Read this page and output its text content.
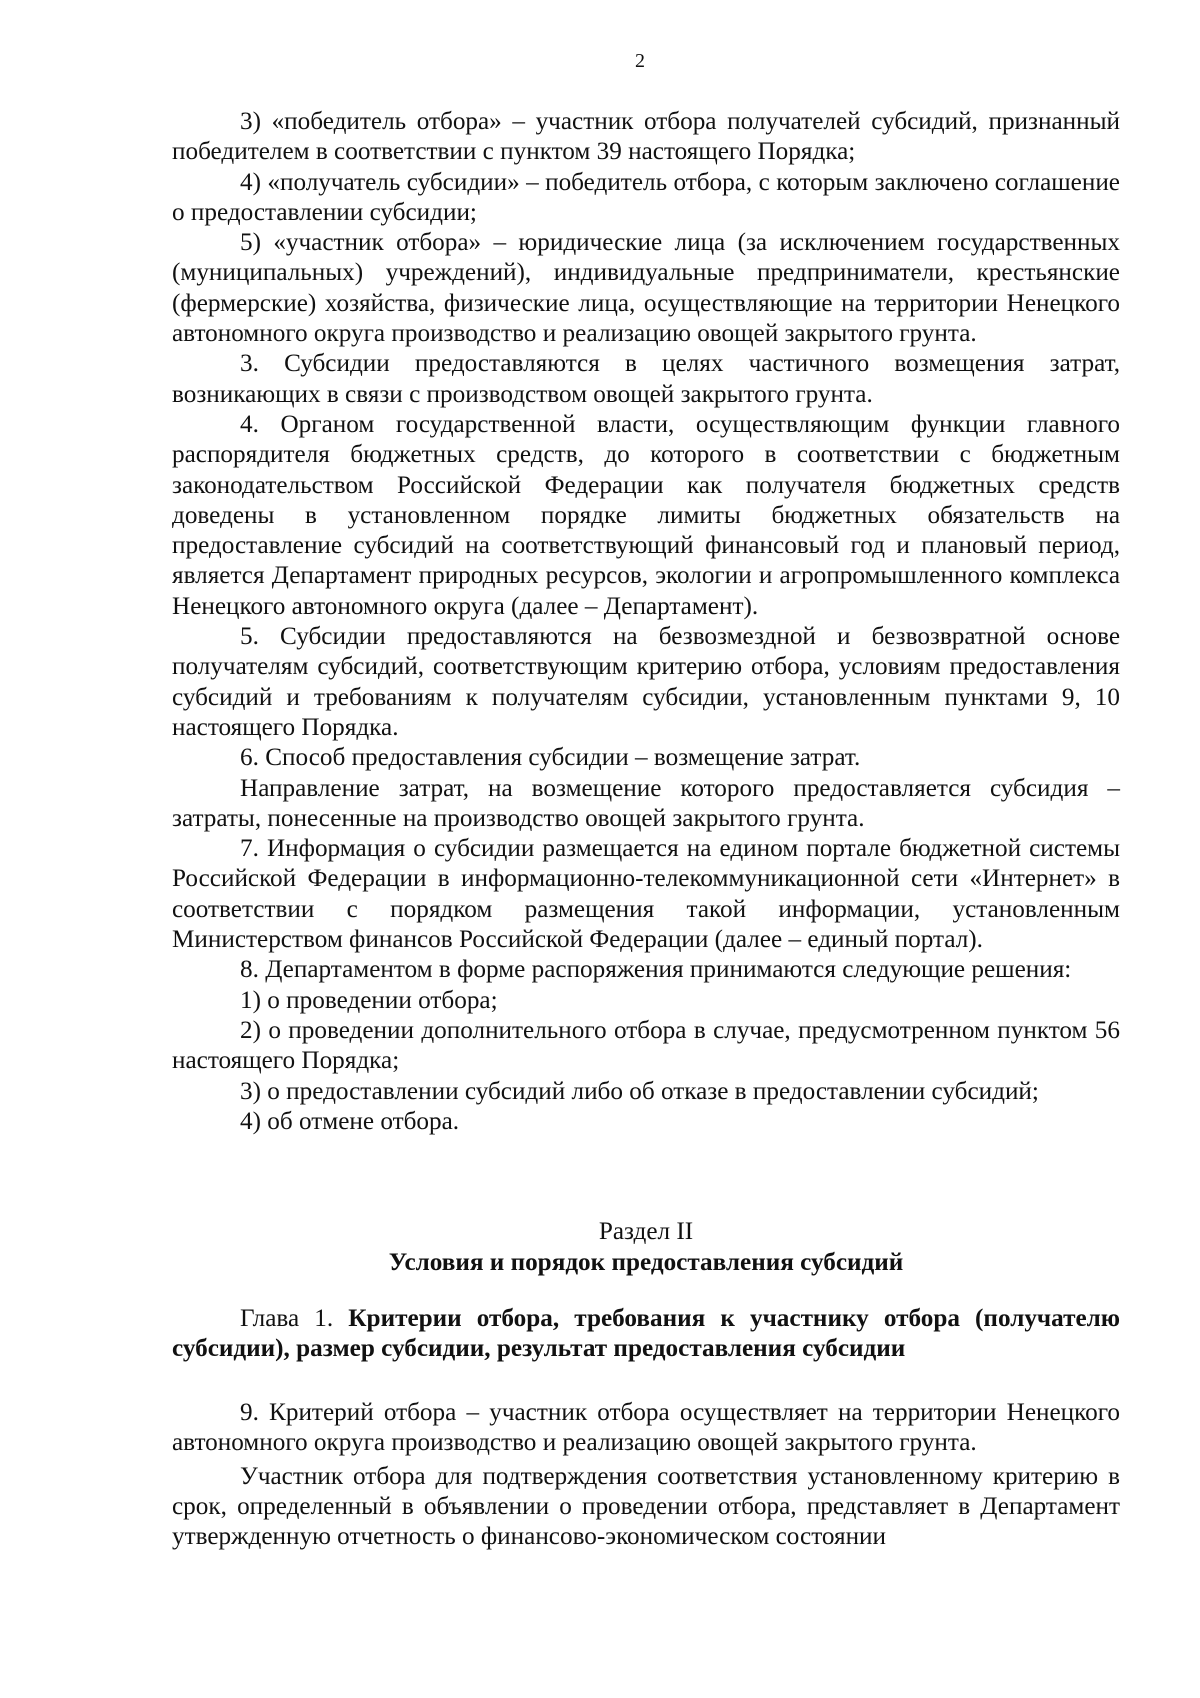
2

3) «победитель отбора» – участник отбора получателей субсидий, признанный победителем в соответствии с пунктом 39 настоящего Порядка;

4) «получатель субсидии» – победитель отбора, с которым заключено соглашение о предоставлении субсидии;

5) «участник отбора» – юридические лица (за исключением государственных (муниципальных) учреждений), индивидуальные предприниматели, крестьянские (фермерские) хозяйства, физические лица, осуществляющие на территории Ненецкого автономного округа производство и реализацию овощей закрытого грунта.

3. Субсидии предоставляются в целях частичного возмещения затрат, возникающих в связи с производством овощей закрытого грунта.

4. Органом государственной власти, осуществляющим функции главного распорядителя бюджетных средств, до которого в соответствии с бюджетным законодательством Российской Федерации как получателя бюджетных средств доведены в установленном порядке лимиты бюджетных обязательств на предоставление субсидий на соответствующий финансовый год и плановый период, является Департамент природных ресурсов, экологии и агропромышленного комплекса Ненецкого автономного округа (далее – Департамент).

5. Субсидии предоставляются на безвозмездной и безвозвратной основе получателям субсидий, соответствующим критерию отбора, условиям предоставления субсидий и требованиям к получателям субсидии, установленным пунктами 9, 10 настоящего Порядка.

6. Способ предоставления субсидии – возмещение затрат.

Направление затрат, на возмещение которого предоставляется субсидия – затраты, понесенные на производство овощей закрытого грунта.

7. Информация о субсидии размещается на едином портале бюджетной системы Российской Федерации в информационно-телекоммуникационной сети «Интернет» в соответствии с порядком размещения такой информации, установленным Министерством финансов Российской Федерации (далее – единый портал).

8. Департаментом в форме распоряжения принимаются следующие решения:

1) о проведении отбора;

2) о проведении дополнительного отбора в случае, предусмотренном пунктом 56 настоящего Порядка;

3) о предоставлении субсидий либо об отказе в предоставлении субсидий;

4) об отмене отбора.

Раздел II

Условия и порядок предоставления субсидий

Глава 1. Критерии отбора, требования к участнику отбора (получателю субсидии), размер субсидии, результат предоставления субсидии

9. Критерий отбора – участник отбора осуществляет на территории Ненецкого автономного округа производство и реализацию овощей закрытого грунта.

Участник отбора для подтверждения соответствия установленному критерию в срок, определенный в объявлении о проведении отбора, представляет в Департамент утвержденную отчетность о финансово-экономическом состоянии
